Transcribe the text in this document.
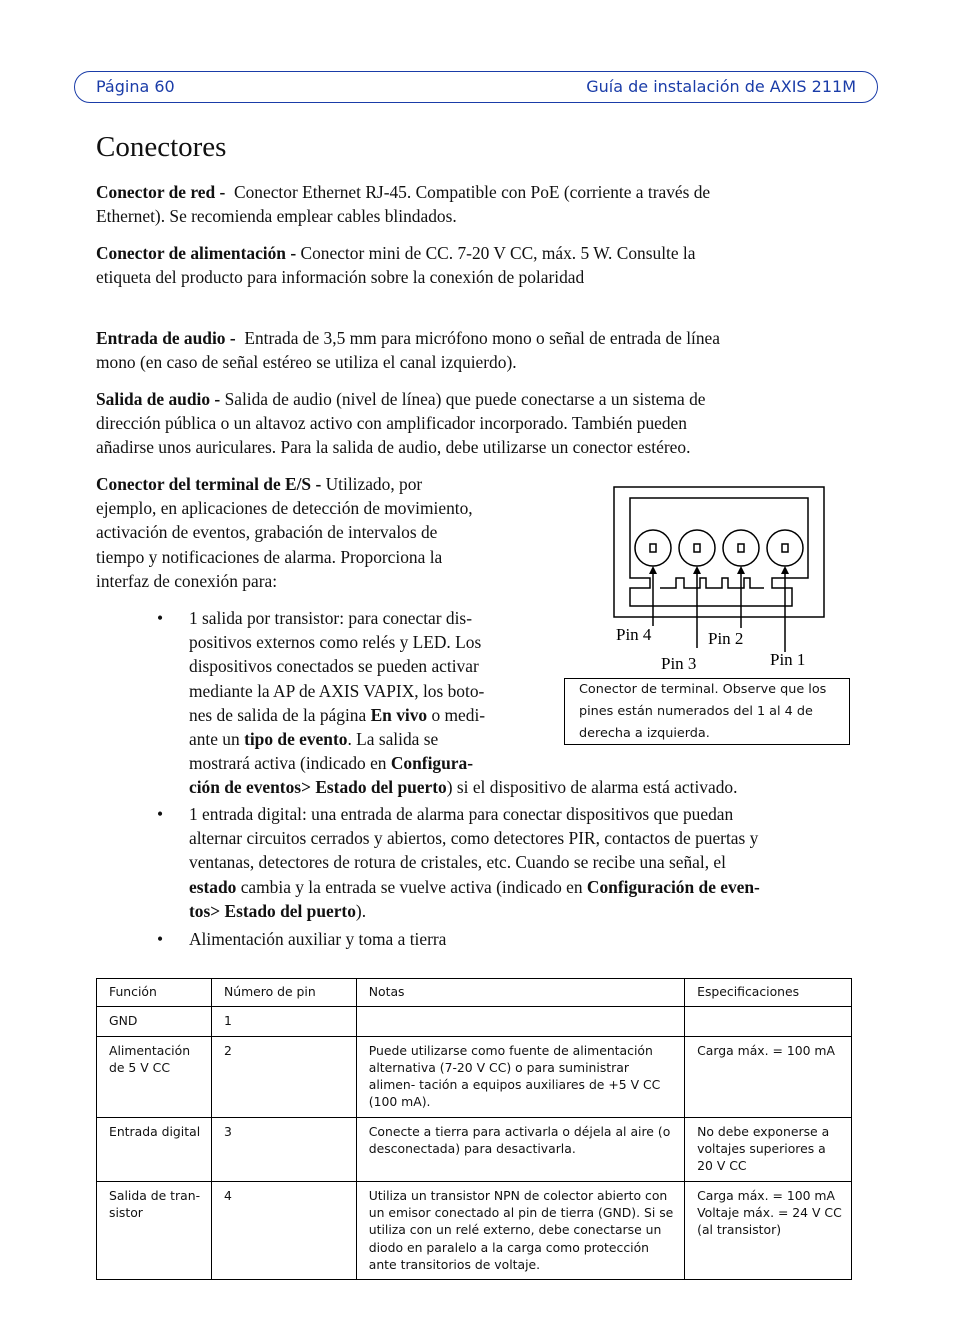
Página 60	Guía de instalación de AXIS 211M
Conectores

Conector de red - Conector Ethernet RJ-45. Compatible con PoE (corriente a través de
Ethernet). Se recomienda emplear cables blindados.

Conector de alimentación - Conector mini de CC. 7-20 V CC, máx. 5 W. Consulte la
etiqueta del producto para información sobre la conexión de polaridad

Entrada de audio - Entrada de 3,5 mm para micrófono mono o señal de entrada de línea
mono (en caso de señal estéreo se utiliza el canal izquierdo).

Salida de audio - Salida de audio (nivel de línea) que puede conectarse a un sistema de
dirección pública o un altavoz activo con amplificador incorporado. También pueden
añadirse unos auriculares. Para la salida de audio, debe utilizarse un conector estéreo.

Conector del terminal de E/S - Utilizado, por
ejemplo, en aplicaciones de detección de movimiento,
activación de eventos, grabación de intervalos de
tiempo y notificaciones de alarma. Proporciona la
interfaz de conexión para:

• 1 salida por transistor: para conectar dis-
positivos externos como relés y LED. Los
dispositivos conectados se pueden activar
mediante la AP de AXIS VAPIX, los boto-
nes de salida de la página En vivo o medi-
ante un tipo de evento. La salida se
mostrará activa (indicado en Configura-
ción de eventos> Estado del puerto) si el dispositivo de alarma está activado.
• 1 entrada digital: una entrada de alarma para conectar dispositivos que puedan
alternar circuitos cerrados y abiertos, como detectores PIR, contactos de puertas y
ventanas, detectores de rotura de cristales, etc. Cuando se recibe una señal, el
estado cambia y la entrada se vuelve activa (indicado en Configuración de even-
tos> Estado del puerto).
• Alimentación auxiliar y toma a tierra
Pin 4	Pin 2
Pin 3	Pin 1
Conector de terminal. Observe que los pines están numerados del 1 al 4 de derecha a izquierda.
Función	Número de pin	Notas	Especificaciones
GND	1		
Alimentación de 5 V CC	2	Puede utilizarse como fuente de alimentación alternativa (7-20 V CC) o para suministrar alimen- tación a equipos auxiliares de +5 V CC (100 mA).	Carga máx. = 100 mA
Entrada digital	3	Conecte a tierra para activarla o déjela al aire (o desconectada) para desactivarla.	No debe exponerse a voltajes superiores a 20 V CC
Salida de tran- sistor	4	Utiliza un transistor NPN de colector abierto con un emisor conectado al pin de tierra (GND). Si se utiliza con un relé externo, debe conectarse un diodo en paralelo a la carga como protección ante transitorios de voltaje.	Carga máx. = 100 mA Voltaje máx. = 24 V CC (al transistor)
